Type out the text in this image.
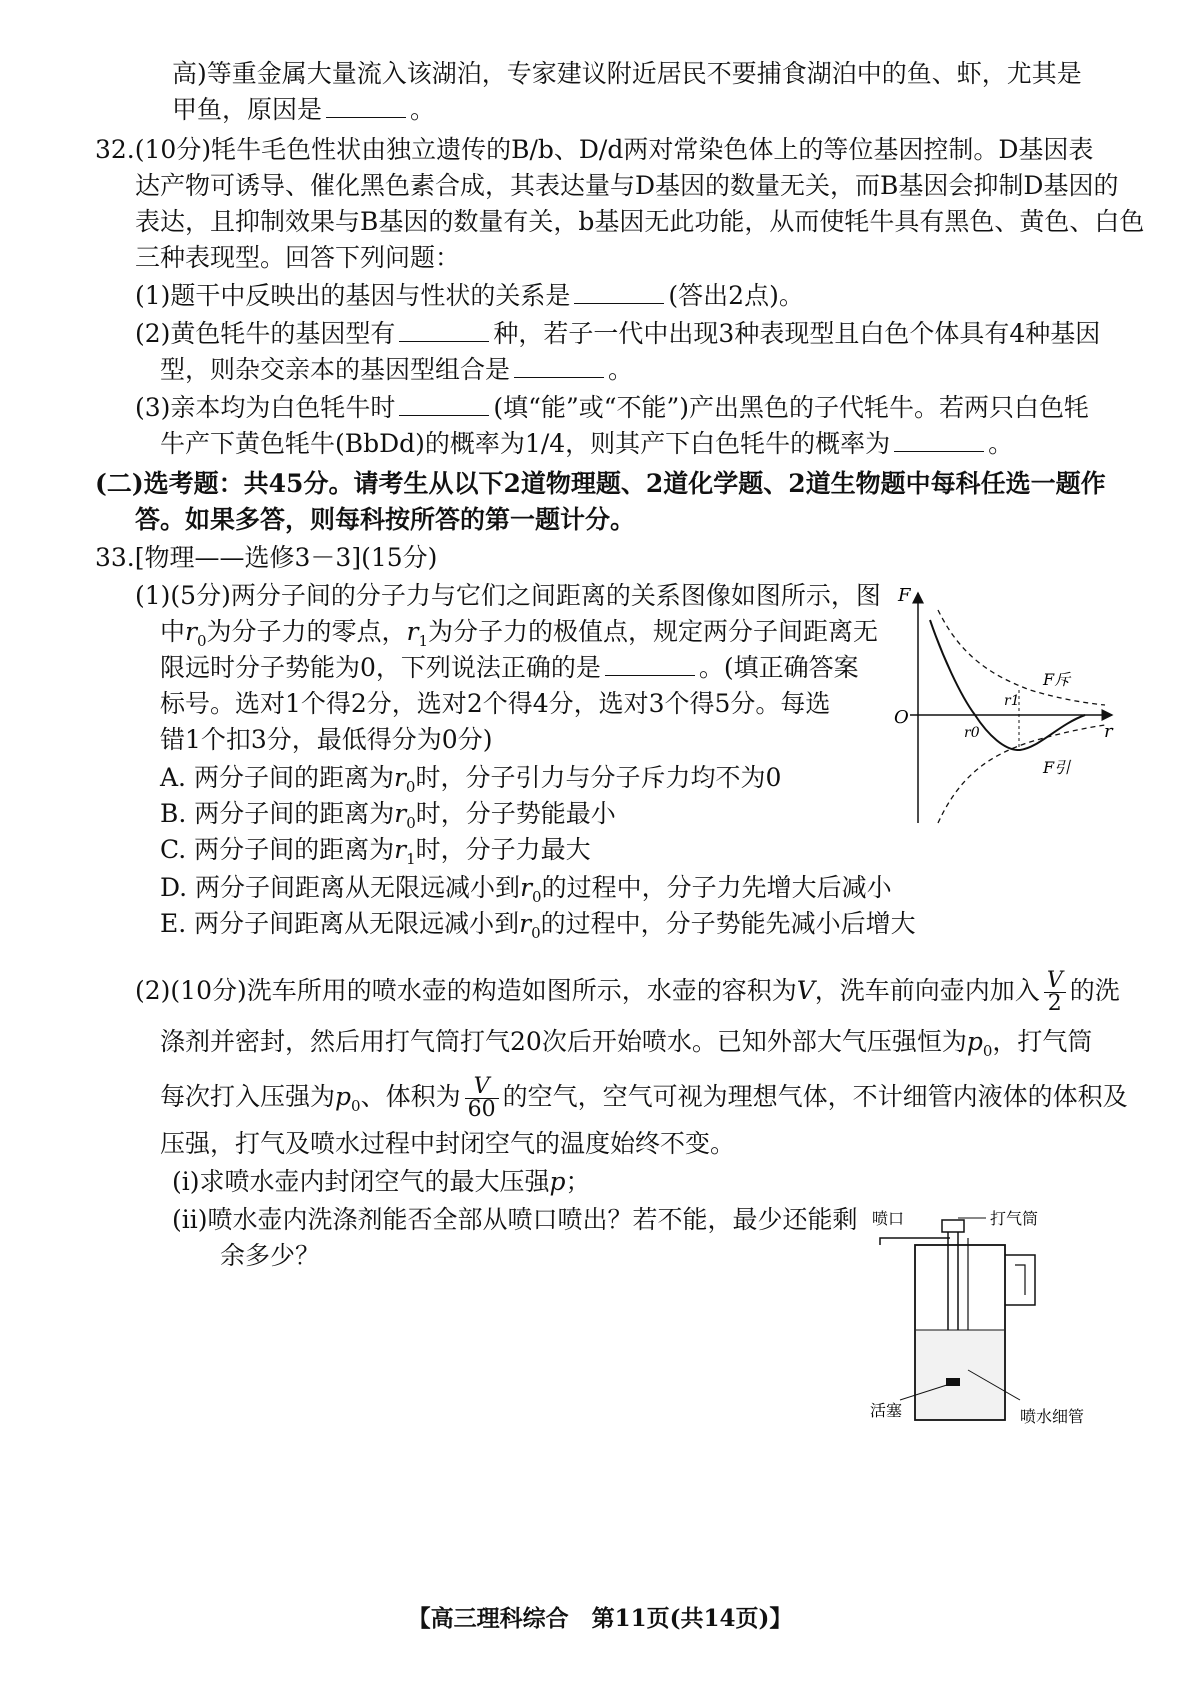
高)等重金属大量流入该湖泊，专家建议附近居民不要捕食湖泊中的鱼、虾，尤其是
甲鱼，原因是	。
32.(10分)牦牛毛色性状由独立遗传的B/b、D/d两对常染色体上的等位基因控制。D基因表
达产物可诱导、催化黑色素合成，其表达量与D基因的数量无关，而B基因会抑制D基因的
表达，且抑制效果与B基因的数量有关，b基因无此功能，从而使牦牛具有黑色、黄色、白色
三种表现型。回答下列问题：
(1)题干中反映出的基因与性状的关系是	(答出2点)。
(2)黄色牦牛的基因型有	种，若子一代中出现3种表现型且白色个体具有4种基因
型，则杂交亲本的基因型组合是	。
(3)亲本均为白色牦牛时	(填“能”或“不能”)产出黑色的子代牦牛。若两只白色牦
牛产下黄色牦牛(BbDd)的概率为1/4，则其产下白色牦牛的概率为	。
(二)选考题：共45分。请考生从以下2道物理题、2道化学题、2道生物题中每科任选一题作
答。如果多答，则每科按所答的第一题计分。
33.[物理——选修3－3](15分)
(1)(5分)两分子间的分子力与它们之间距离的关系图像如图所示，图
中$r_0$为分子力的零点，$r_1$为分子力的极值点，规定两分子间距离无
限远时分子势能为0，下列说法正确的是	。(填正确答案
标号。选对1个得2分，选对2个得4分，选对3个得5分。每选
错1个扣3分，最低得分为0分)
A. 两分子间的距离为$r_0$时，分子引力与分子斥力均不为0
B. 两分子间的距离为$r_0$时，分子势能最小
C. 两分子间的距离为$r_1$时，分子力最大
D. 两分子间距离从无限远减小到$r_0$的过程中，分子力先增大后减小
E. 两分子间距离从无限远减小到$r_0$的过程中，分子势能先减小后增大
F
r
O
F斥
F引
r1
r0
(2)(10分)洗车所用的喷水壶的构造如图所示，水壶的容积为V，洗车前向壶内加入 $\frac{V}{2}$ 的洗
涤剂并密封，然后用打气筒打气20次后开始喷水。已知外部大气压强恒为$p_0$，打气筒
每次打入压强为$p_0$、体积为 $\frac{V}{60}$ 的空气，空气可视为理想气体，不计细管内液体的体积及
压强，打气及喷水过程中封闭空气的温度始终不变。
(ⅰ)求喷水壶内封闭空气的最大压强p；
(ⅱ)喷水壶内洗涤剂能否全部从喷口喷出？若不能，最少还能剩
余多少？
喷口	打气筒
活塞	喷水细管
【高三理科综合　第11页(共14页)】
